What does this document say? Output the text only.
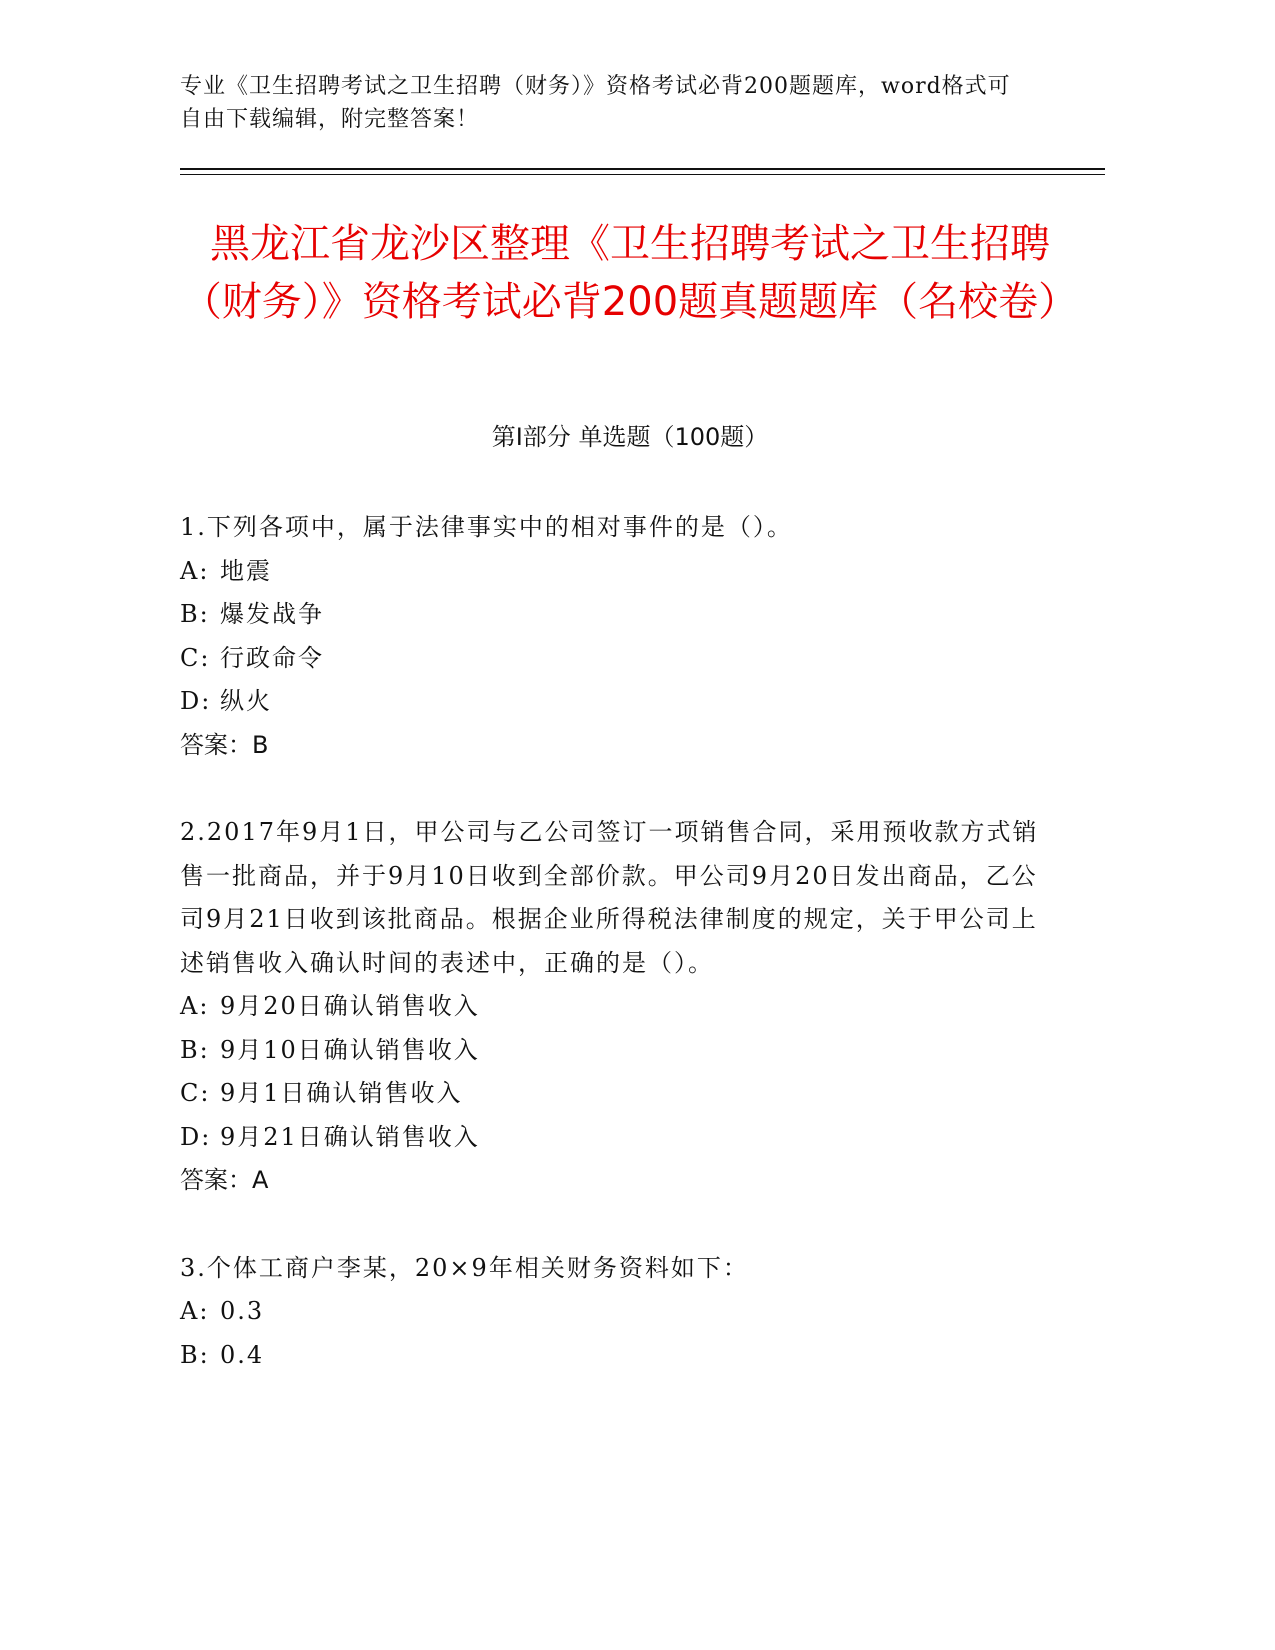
专业《卫生招聘考试之卫生招聘（财务）》资格考试必背200题题库，word格式可自由下载编辑，附完整答案！
黑龙江省龙沙区整理《卫生招聘考试之卫生招聘（财务）》资格考试必背200题真题题库（名校卷）
第Ⅰ部分 单选题（100题）

1.下列各项中，属于法律事实中的相对事件的是（）。

A: 地震
B: 爆发战争
C: 行政命令
D: 纵火

答案：B

2.2017年9月1日，甲公司与乙公司签订一项销售合同，采用预收款方式销售一批商品，并于9月10日收到全部价款。甲公司9月20日发出商品，乙公司9月21日收到该批商品。根据企业所得税法律制度的规定，关于甲公司上述销售收入确认时间的表述中，正确的是（）。

A: 9月20日确认销售收入
B: 9月10日确认销售收入
C: 9月1日确认销售收入
D: 9月21日确认销售收入

答案：A

3.个体工商户李某，20×9年相关财务资料如下：

A: 0.3
B: 0.4
